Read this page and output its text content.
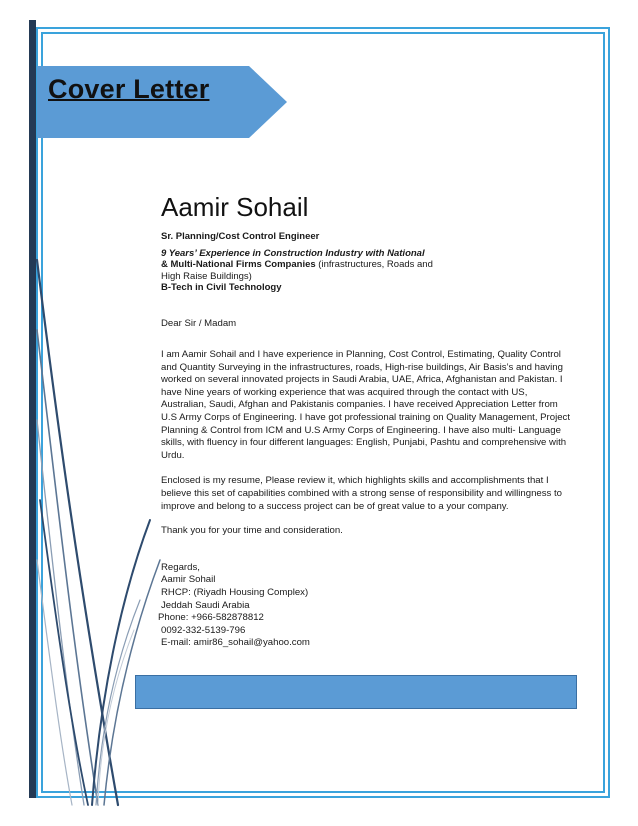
Cover Letter
Aamir Sohail
Sr. Planning/Cost Control Engineer
9 Years’ Experience in Construction Industry with National
& Multi-National Firms Companies (infrastructures, Roads and
High Raise Buildings)
B-Tech in Civil Technology

Dear Sir / Madam

I am Aamir Sohail and I have experience in Planning, Cost Control, Estimating, Quality Control and Quantity Surveying in the infrastructures, roads, High-rise buildings, Air Basis’s and having worked on several innovated projects in Saudi Arabia, UAE, Africa, Afghanistan and Pakistan. I have Nine years of working experience that was acquired through the contact with US, Australian, Saudi, Afghan and Pakistanis companies. I have received Appreciation Letter from U.S Army Corps of Engineering. I have got professional training on Quality Management, Project Planning & Control from ICM and U.S Army Corps of Engineering. I have also multi- Language skills, with fluency in four different languages: English, Punjabi, Pashtu and comprehensive with Urdu.

Enclosed is my resume, Please review it, which highlights skills and accomplishments that I believe this set of capabilities combined with a strong sense of responsibility and willingness to improve and belong to a success project can be of great value to a your company.

Thank you for your time and consideration.

Regards,
Aamir Sohail
RHCP: (Riyadh Housing Complex)
Jeddah Saudi Arabia
Phone: +966-582878812
0092-332-5139-796
E-mail: amir86_sohail@yahoo.com
